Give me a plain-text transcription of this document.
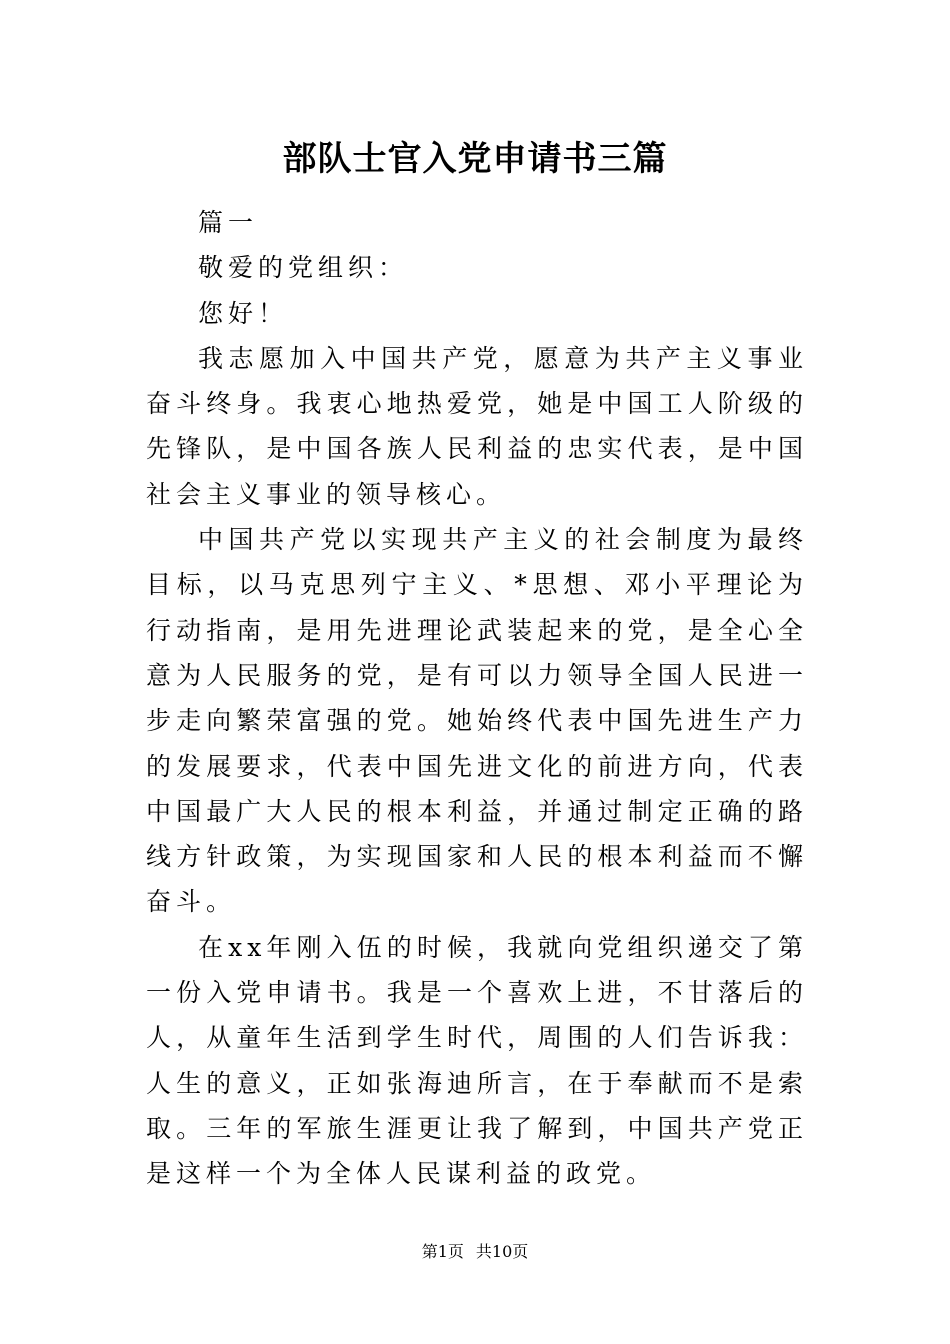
部队士官入党申请书三篇

篇一

敬爱的党组织：

您好！

我志愿加入中国共产党，愿意为共产主义事业奋斗终身。我衷心地热爱党，她是中国工人阶级的先锋队，是中国各族人民利益的忠实代表，是中国社会主义事业的领导核心。

中国共产党以实现共产主义的社会制度为最终目标，以马克思列宁主义、*思想、邓小平理论为行动指南，是用先进理论武装起来的党，是全心全意为人民服务的党，是有可以力领导全国人民进一步走向繁荣富强的党。她始终代表中国先进生产力的发展要求，代表中国先进文化的前进方向，代表中国最广大人民的根本利益，并通过制定正确的路线方针政策，为实现国家和人民的根本利益而不懈奋斗。

在xx年刚入伍的时候，我就向党组织递交了第一份入党申请书。我是一个喜欢上进，不甘落后的人，从童年生活到学生时代，周围的人们告诉我：人生的意义，正如张海迪所言，在于奉献而不是索取。三年的军旅生涯更让我了解到，中国共产党正是这样一个为全体人民谋利益的政党。

第1页 共10页
